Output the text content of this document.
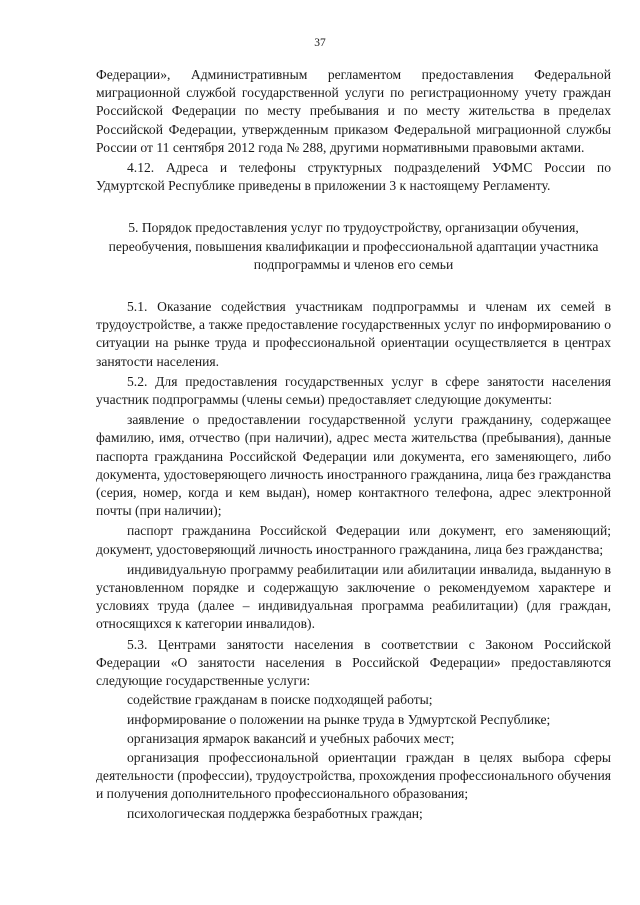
37

Федерации», Административным регламентом предоставления Федеральной миграционной службой государственной услуги по регистрационному учету граждан Российской Федерации по месту пребывания и по месту жительства в пределах Российской Федерации, утвержденным приказом Федеральной миграционной службы России от 11 сентября 2012 года № 288, другими нормативными правовыми актами.

4.12. Адреса и телефоны структурных подразделений УФМС России по Удмуртской Республике приведены в приложении 3 к настоящему Регламенту.

5. Порядок предоставления услуг по трудоустройству, организации обучения, переобучения, повышения квалификации и профессиональной адаптации участника подпрограммы и членов его семьи

5.1. Оказание содействия участникам подпрограммы и членам их семей в трудоустройстве, а также предоставление государственных услуг по информированию о ситуации на рынке труда и профессиональной ориентации осуществляется в центрах занятости населения.

5.2. Для предоставления государственных услуг в сфере занятости населения участник подпрограммы (члены семьи) предоставляет следующие документы:

заявление о предоставлении государственной услуги гражданину, содержащее фамилию, имя, отчество (при наличии), адрес места жительства (пребывания), данные паспорта гражданина Российской Федерации или документа, его заменяющего, либо документа, удостоверяющего личность иностранного гражданина, лица без гражданства (серия, номер, когда и кем выдан), номер контактного телефона, адрес электронной почты (при наличии);

паспорт гражданина Российской Федерации или документ, его заменяющий; документ, удостоверяющий личность иностранного гражданина, лица без гражданства;

индивидуальную программу реабилитации или абилитации инвалида, выданную в установленном порядке и содержащую заключение о рекомендуемом характере и условиях труда (далее – индивидуальная программа реабилитации) (для граждан, относящихся к категории инвалидов).

5.3. Центрами занятости населения в соответствии с Законом Российской Федерации «О занятости населения в Российской Федерации» предоставляются следующие государственные услуги:

содействие гражданам в поиске подходящей работы;

информирование о положении на рынке труда в Удмуртской Республике;

организация ярмарок вакансий и учебных рабочих мест;

организация профессиональной ориентации граждан в целях выбора сферы деятельности (профессии), трудоустройства, прохождения профессионального обучения и получения дополнительного профессионального образования;

психологическая поддержка безработных граждан;
